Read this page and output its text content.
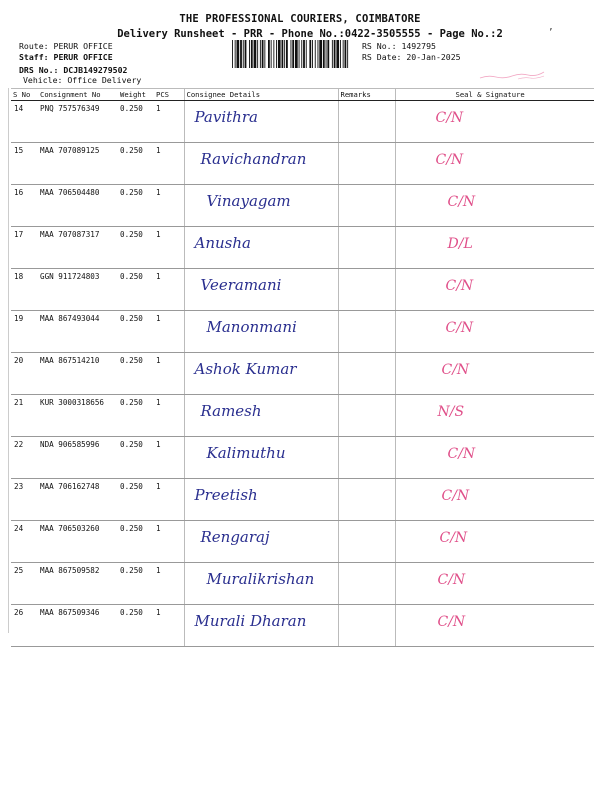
THE PROFESSIONAL COURIERS, COIMBATORE
Delivery Runsheet - PRR - Phone No.:0422-3505555 - Page No.:2	’
Route: PERUR OFFICE
Staff: PERUR OFFICE
DRS No.: DCJB149279502
Vehicle: Office Delivery
RS No.: 1492795
RS Date: 20-Jan-2025
S No	Consignment No	Weight	PCS	Consignee Details	Remarks	Seal & Signature
14	PNQ 757576349	0.250	1	Pavithra		C/N

15	MAA 707089125	0.250	1	Ravichandran		C/N

16	MAA 706504480	0.250	1	Vinayagam		C/N

17	MAA 707087317	0.250	1	Anusha		D/L

18	GGN 911724803	0.250	1	Veeramani		C/N

19	MAA 867493044	0.250	1	Manonmani		C/N

20	MAA 867514210	0.250	1	Ashok Kumar		C/N

21	KUR 3000318656	0.250	1	Ramesh		N/S

22	NDA 906585996	0.250	1	Kalimuthu		C/N

23	MAA 706162748	0.250	1	Preetish		C/N

24	MAA 706503260	0.250	1	Rengaraj		C/N

25	MAA 867509582	0.250	1	Muralikrishan		C/N

26	MAA 867509346	0.250	1	Murali Dharan		C/N
